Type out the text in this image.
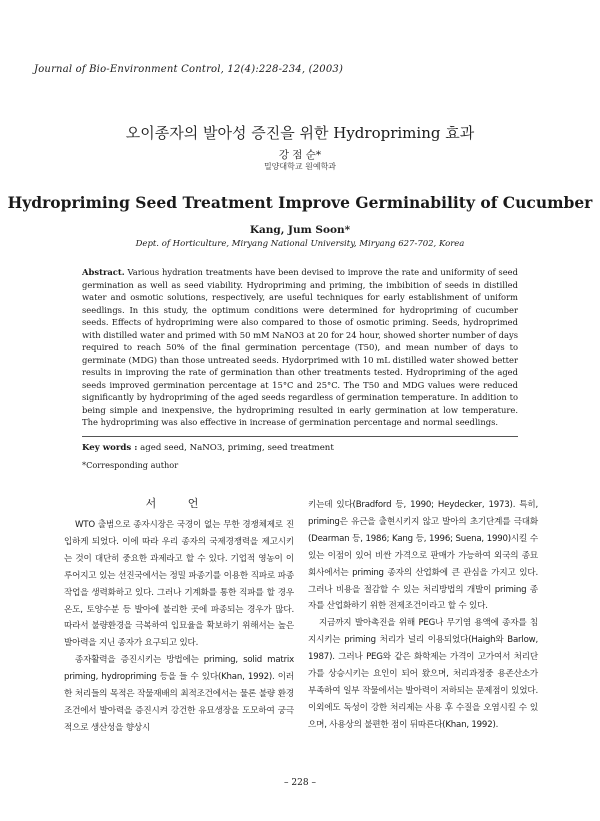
Journal of Bio-Environment Control, 12(4):228-234, (2003)
오이종자의 발아성 증진을 위한 Hydropriming 효과
강 점 순*
밀양대학교 원예학과
Hydropriming Seed Treatment Improve Germinability of Cucumber
Kang, Jum Soon*
Dept. of Horticulture, Miryang National University, Miryang 627-702, Korea
Abstract. Various hydration treatments have been devised to improve the rate and uniformity of seed germination as well as seed viability. Hydropriming and priming, the imbibition of seeds in distilled water and osmotic solutions, respectively, are useful techniques for early establishment of uniform seedlings. In this study, the optimum conditions were determined for hydropriming of cucumber seeds. Effects of hydropriming were also compared to those of osmotic priming. Seeds, hydroprimed with distilled water and primed with 50 mM NaNO3 at 20 for 24 hour, showed shorter number of days required to reach 50% of the final germination percentage (T50), and mean number of days to germinate (MDG) than those untreated seeds. Hydorprimed with 10 mL distilled water showed better results in improving the rate of germination than other treatments tested. Hydropriming of the aged seeds improved germination percentage at 15°C and 25°C. The T50 and MDG values were reduced significantly by hydropriming of the aged seeds regardless of germination temperature. In addition to being simple and inexpensive, the hydropriming resulted in early germination at low temperature. The hydropriming was also effective in increase of germination percentage and normal seedlings.
Key words : aged seed, NaNO3, priming, seed treatment
*Corresponding author
서 언

WTO 출범으로 종자시장은 국경이 없는 무한 경쟁체제로 진입하게 되었다. 이에 따라 우리 종자의 국제경쟁력을 제고시키는 것이 대단히 중요한 과제라고 할 수 있다. 기업적 영농이 이루어지고 있는 선진국에서는 정밀 파종기를 이용한 직파로 파종작업을 생력화하고 있다. 그러나 기계화를 통한 직파를 할 경우 온도, 토양수분 등 발아에 불리한 곳에 파종되는 경우가 많다. 따라서 불량환경을 극복하여 입묘율을 확보하기 위해서는 높은 발아력을 지닌 종자가 요구되고 있다.

종자활력을 증진시키는 방법에는 priming, solid matrix priming, hydropriming 등을 들 수 있다(Khan, 1992). 이러한 처리들의 목적은 작물재배의 최적조건에서는 물론 불량 환경조건에서 발아력을 증진시켜 강건한 유묘생장을 도모하여 궁극적으로 생산성을 향상시

키는데 있다(Bradford 등, 1990; Heydecker, 1973). 특히, priming은 유근을 출현시키지 않고 발아의 초기단계를 극대화(Dearman 등, 1986; Kang 등, 1996; Suena, 1990)시킬 수 있는 이점이 있어 비싼 가격으로 판매가 가능하여 외국의 종묘회사에서는 priming 종자의 산업화에 큰 관심을 가지고 있다. 그러나 비용을 절감할 수 있는 처리방법의 개발이 priming 종자를 산업화하기 위한 전제조건이라고 할 수 있다.

지금까지 발아촉진을 위해 PEG나 무기염 용액에 종자를 침지시키는 priming 처리가 널리 이용되었다(Haigh와 Barlow, 1987). 그러나 PEG와 같은 화학제는 가격이 고가여서 처리단가를 상승시키는 요인이 되어 왔으며, 처리과정중 용존산소가 부족하여 일부 작물에서는 발아력이 저하되는 문제점이 있었다. 이외에도 독성이 강한 처리제는 사용 후 수질을 오염시킬 수 있으며, 사용상의 불편한 점이 뒤따른다(Khan, 1992).

– 228 –
